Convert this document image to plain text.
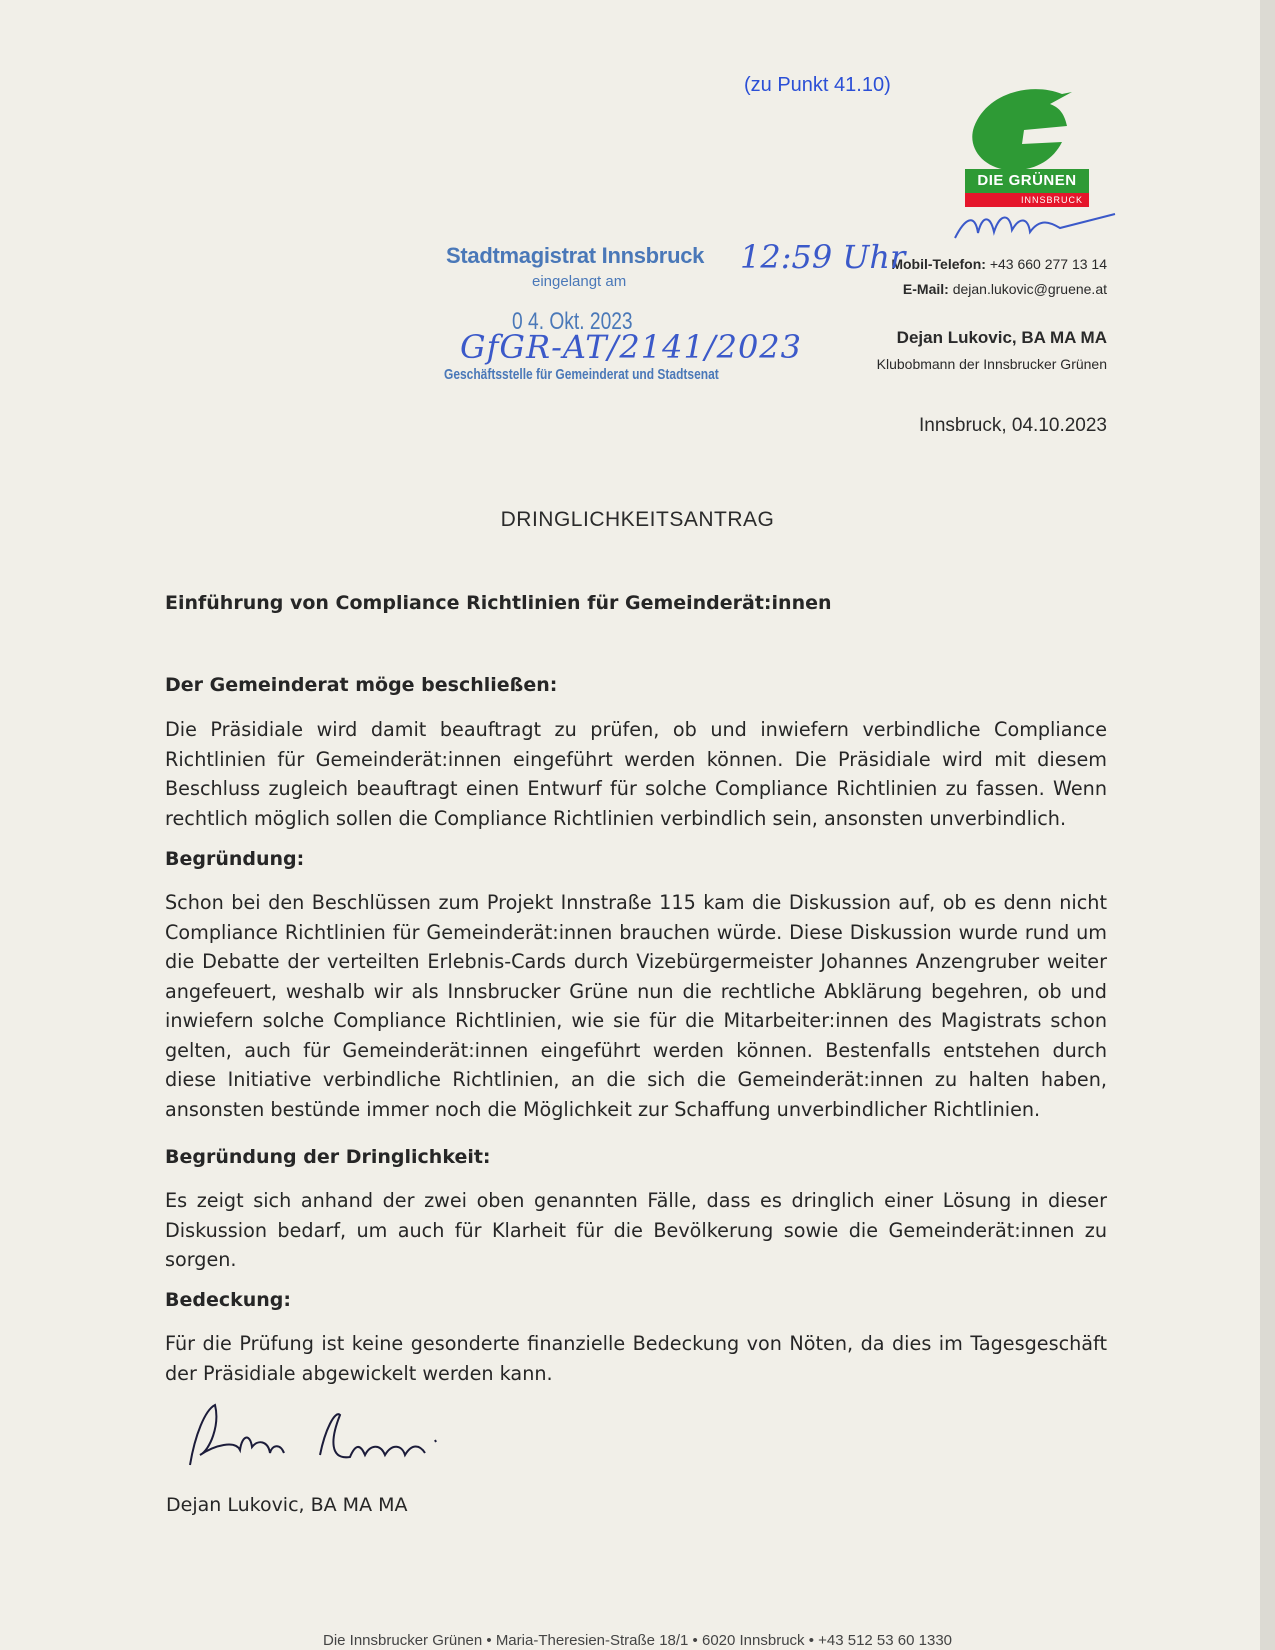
(zu Punkt 41.10)
DIE GRÜNEN
INNSBRUCK
Mobil-Telefon: +43 660 277 13 14
E-Mail: dejan.lukovic@gruene.at
Dejan Lukovic, BA MA MA
Klubobmann der Innsbrucker Grünen
Innsbruck, 04.10.2023
Stadtmagistrat Innsbruck
eingelangt am
0 4. Okt. 2023
Geschäftsstelle für Gemeinderat und Stadtsenat
12:59 Uhr
GfGR-AT/2141/2023
DRINGLICHKEITSANTRAG
Einführung von Compliance Richtlinien für Gemeinderät:innen
Der Gemeinderat möge beschließen:
Die Präsidiale wird damit beauftragt zu prüfen, ob und inwiefern verbindliche Compliance Richtlinien für Gemeinderät:innen eingeführt werden können. Die Präsidiale wird mit diesem Beschluss zugleich beauftragt einen Entwurf für solche Compliance Richtlinien zu fassen. Wenn rechtlich möglich sollen die Compliance Richtlinien verbindlich sein, ansonsten unverbindlich.
Begründung:
Schon bei den Beschlüssen zum Projekt Innstraße 115 kam die Diskussion auf, ob es denn nicht Compliance Richtlinien für Gemeinderät:innen brauchen würde. Diese Diskussion wurde rund um die Debatte der verteilten Erlebnis-Cards durch Vizebürgermeister Johannes Anzengruber weiter angefeuert, weshalb wir als Innsbrucker Grüne nun die rechtliche Abklärung begehren, ob und inwiefern solche Compliance Richtlinien, wie sie für die Mitarbeiter:innen des Magistrats schon gelten, auch für Gemeinderät:innen eingeführt werden können. Bestenfalls entstehen durch diese Initiative verbindliche Richtlinien, an die sich die Gemeinderät:innen zu halten haben, ansonsten bestünde immer noch die Möglichkeit zur Schaffung unverbindlicher Richtlinien.
Begründung der Dringlichkeit:
Es zeigt sich anhand der zwei oben genannten Fälle, dass es dringlich einer Lösung in dieser Diskussion bedarf, um auch für Klarheit für die Bevölkerung sowie die Gemeinderät:innen zu sorgen.
Bedeckung:
Für die Prüfung ist keine gesonderte finanzielle Bedeckung von Nöten, da dies im Tagesgeschäft der Präsidiale abgewickelt werden kann.
Dejan Lukovic, BA MA MA
Die Innsbrucker Grünen • Maria-Theresien-Straße 18/1 • 6020 Innsbruck • +43 512 53 60 1330
